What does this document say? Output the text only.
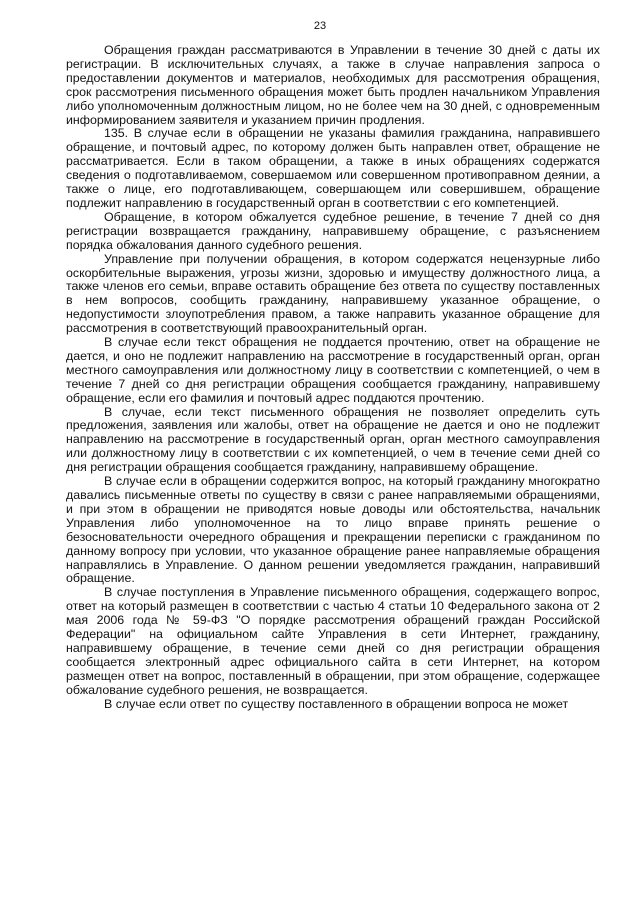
23

Обращения граждан рассматриваются в Управлении в течение 30 дней с даты их регистрации. В исключительных случаях, а также в случае направления запроса о предоставлении документов и материалов, необходимых для рассмотрения обращения, срок рассмотрения письменного обращения может быть продлен начальником Управления либо уполномоченным должностным лицом, но не более чем на 30 дней, с одновременным информированием заявителя и указанием причин продления.

135. В случае если в обращении не указаны фамилия гражданина, направившего обращение, и почтовый адрес, по которому должен быть направлен ответ, обращение не рассматривается. Если в таком обращении, а также в иных обращениях содержатся сведения о подготавливаемом, совершаемом или совершенном противоправном деянии, а также о лице, его подготавливающем, совершающем или совершившем, обращение подлежит направлению в государственный орган в соответствии с его компетенцией.

Обращение, в котором обжалуется судебное решение, в течение 7 дней со дня регистрации возвращается гражданину, направившему обращение, с разъяснением порядка обжалования данного судебного решения.

Управление при получении обращения, в котором содержатся нецензурные либо оскорбительные выражения, угрозы жизни, здоровью и имуществу должностного лица, а также членов его семьи, вправе оставить обращение без ответа по существу поставленных в нем вопросов, сообщить гражданину, направившему указанное обращение, о недопустимости злоупотребления правом, а также направить указанное обращение для рассмотрения в соответствующий правоохранительный орган.

В случае если текст обращения не поддается прочтению, ответ на обращение не дается, и оно не подлежит направлению на рассмотрение в государственный орган, орган местного самоуправления или должностному лицу в соответствии с компетенцией, о чем в течение 7 дней со дня регистрации обращения сообщается гражданину, направившему обращение, если его фамилия и почтовый адрес поддаются прочтению.

В случае, если текст письменного обращения не позволяет определить суть предложения, заявления или жалобы, ответ на обращение не дается и оно не подлежит направлению на рассмотрение в государственный орган, орган местного самоуправления или должностному лицу в соответствии с их компетенцией, о чем в течение семи дней со дня регистрации обращения сообщается гражданину, направившему обращение.

В случае если в обращении содержится вопрос, на который гражданину многократно давались письменные ответы по существу в связи с ранее направляемыми обращениями, и при этом в обращении не приводятся новые доводы или обстоятельства, начальник Управления либо уполномоченное на то лицо вправе принять решение о безосновательности очередного обращения и прекращении переписки с гражданином по данному вопросу при условии, что указанное обращение ранее направляемые обращения направлялись в Управление. О данном решении уведомляется гражданин, направивший обращение.

В случае поступления в Управление письменного обращения, содержащего вопрос, ответ на который размещен в соответствии с частью 4 статьи 10 Федерального закона от 2 мая 2006 года № 59-ФЗ "О порядке рассмотрения обращений граждан Российской Федерации" на официальном сайте Управления в сети Интернет, гражданину, направившему обращение, в течение семи дней со дня регистрации обращения сообщается электронный адрес официального сайта в сети Интернет, на котором размещен ответ на вопрос, поставленный в обращении, при этом обращение, содержащее обжалование судебного решения, не возвращается.

В случае если ответ по существу поставленного в обращении вопроса не может
